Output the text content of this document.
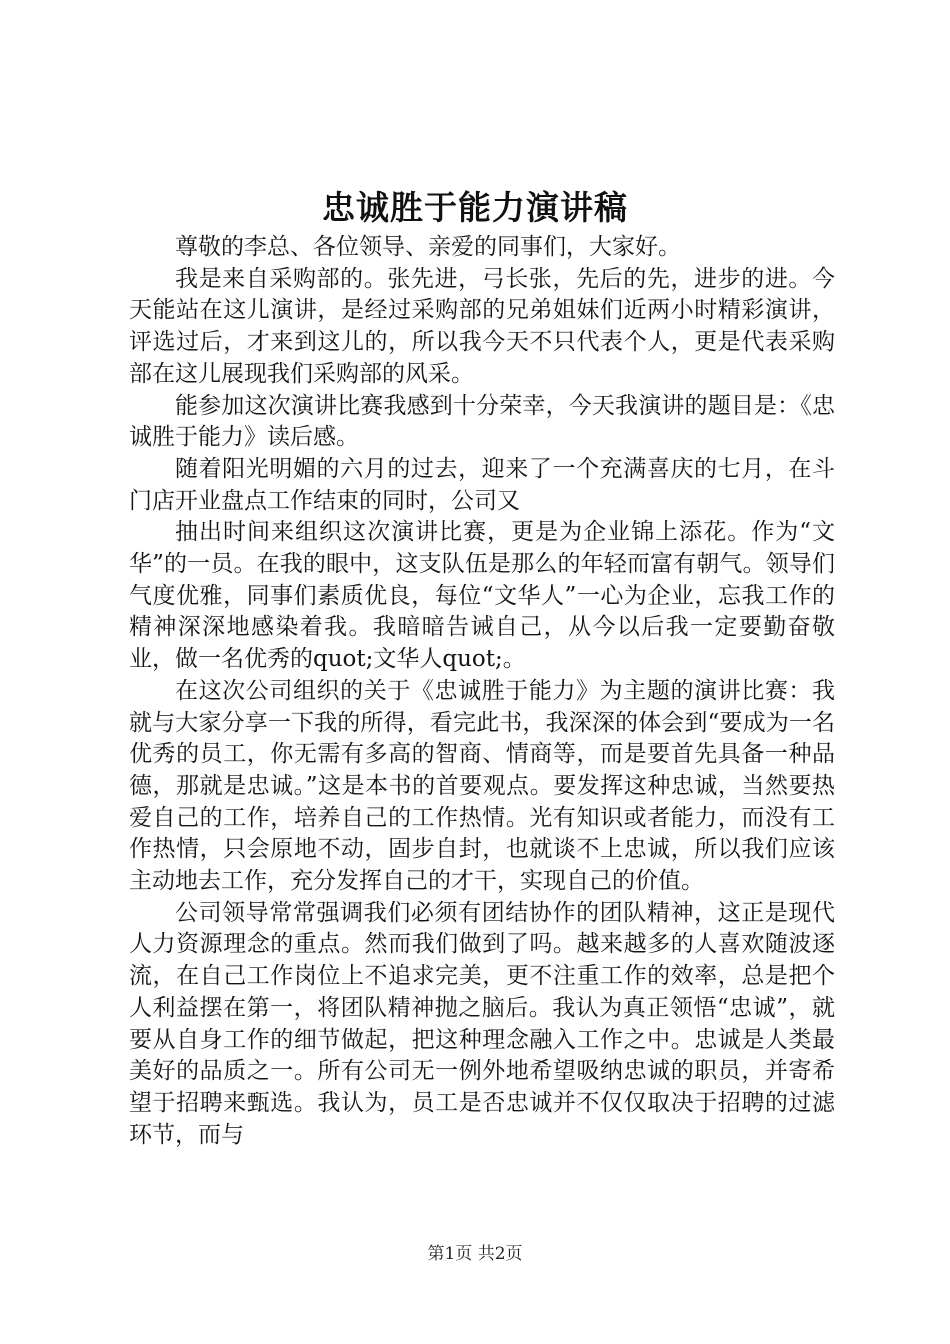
忠诚胜于能力演讲稿

尊敬的李总、各位领导、亲爱的同事们，大家好。

我是来自采购部的。张先进，弓长张，先后的先，进步的进。今天能站在这儿演讲，是经过采购部的兄弟姐妹们近两小时精彩演讲，评选过后，才来到这儿的，所以我今天不只代表个人，更是代表采购部在这儿展现我们采购部的风采。

能参加这次演讲比赛我感到十分荣幸，今天我演讲的题目是：《忠诚胜于能力》读后感。

随着阳光明媚的六月的过去，迎来了一个充满喜庆的七月，在斗门店开业盘点工作结束的同时，公司又

抽出时间来组织这次演讲比赛，更是为企业锦上添花。作为“文华”的一员。在我的眼中，这支队伍是那么的年轻而富有朝气。领导们气度优雅，同事们素质优良，每位“文华人”一心为企业，忘我工作的精神深深地感染着我。我暗暗告诫自己，从今以后我一定要勤奋敬业，做一名优秀的quot;文华人quot;。

在这次公司组织的关于《忠诚胜于能力》为主题的演讲比赛：我就与大家分享一下我的所得，看完此书，我深深的体会到“要成为一名优秀的员工，你无需有多高的智商、情商等，而是要首先具备一种品德，那就是忠诚。”这是本书的首要观点。要发挥这种忠诚，当然要热爱自己的工作，培养自己的工作热情。光有知识或者能力，而没有工作热情，只会原地不动，固步自封，也就谈不上忠诚，所以我们应该主动地去工作，充分发挥自己的才干，实现自己的价值。

公司领导常常强调我们必须有团结协作的团队精神，这正是现代人力资源理念的重点。然而我们做到了吗。越来越多的人喜欢随波逐流，在自己工作岗位上不追求完美，更不注重工作的效率，总是把个人利益摆在第一，将团队精神抛之脑后。我认为真正领悟“忠诚”，就要从自身工作的细节做起，把这种理念融入工作之中。忠诚是人类最美好的品质之一。所有公司无一例外地希望吸纳忠诚的职员，并寄希望于招聘来甄选。我认为，员工是否忠诚并不仅仅取决于招聘的过滤环节，而与

第1页 共2页
